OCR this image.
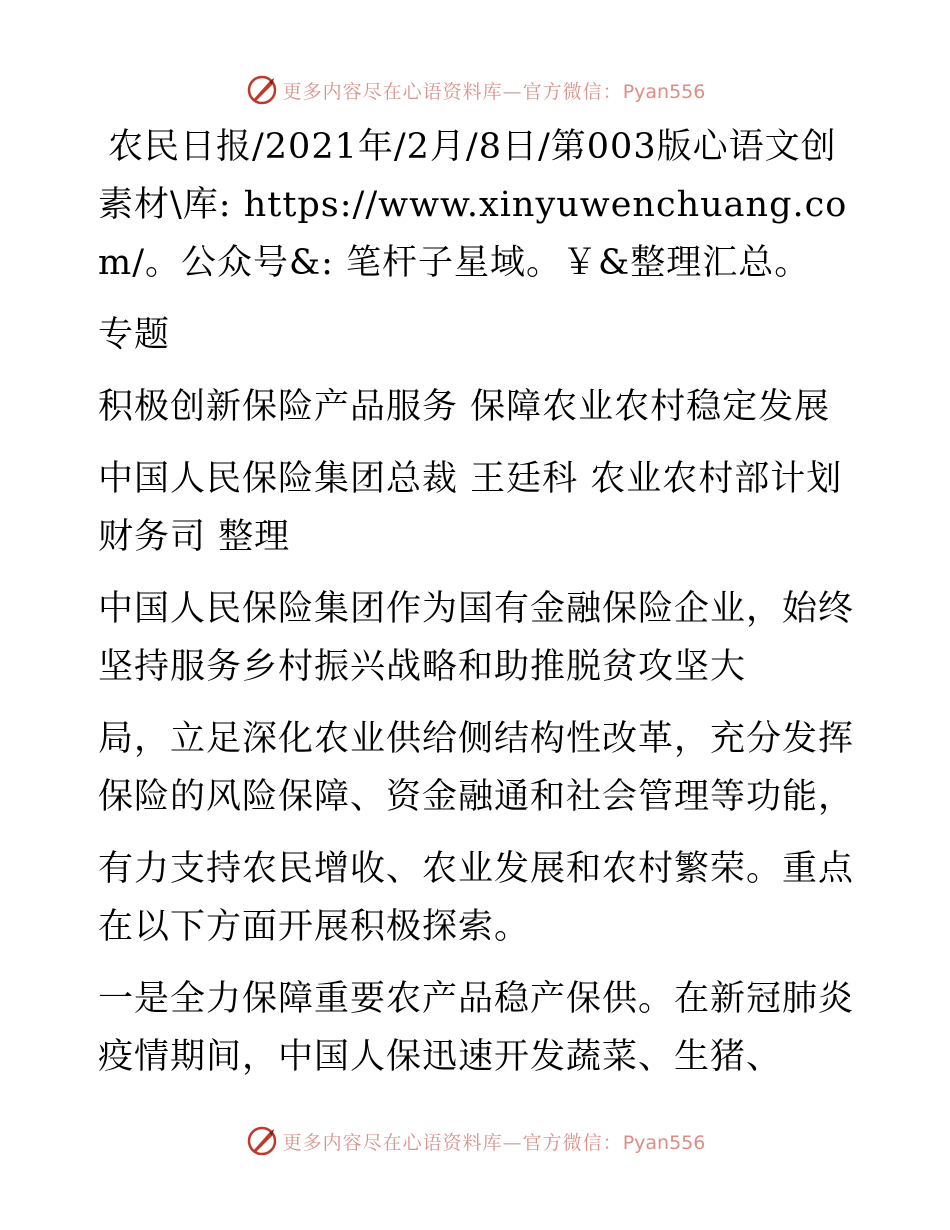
更多内容尽在心语资料库—官方微信：Pyan556

农民日报/2021年/2月/8日/第003版心语文创素材\库: https://www.xinyuwenchuang.com/。公众号&: 笔杆子星域。￥&整理汇总。

专题

积极创新保险产品服务 保障农业农村稳定发展

中国人民保险集团总裁 王廷科 农业农村部计划财务司 整理

中国人民保险集团作为国有金融保险企业，始终坚持服务乡村振兴战略和助推脱贫攻坚大

局，立足深化农业供给侧结构性改革，充分发挥保险的风险保障、资金融通和社会管理等功能，

有力支持农民增收、农业发展和农村繁荣。重点在以下方面开展积极探索。

一是全力保障重要农产品稳产保供。在新冠肺炎疫情期间，中国人保迅速开发蔬菜、生猪、

更多内容尽在心语资料库—官方微信：Pyan556
